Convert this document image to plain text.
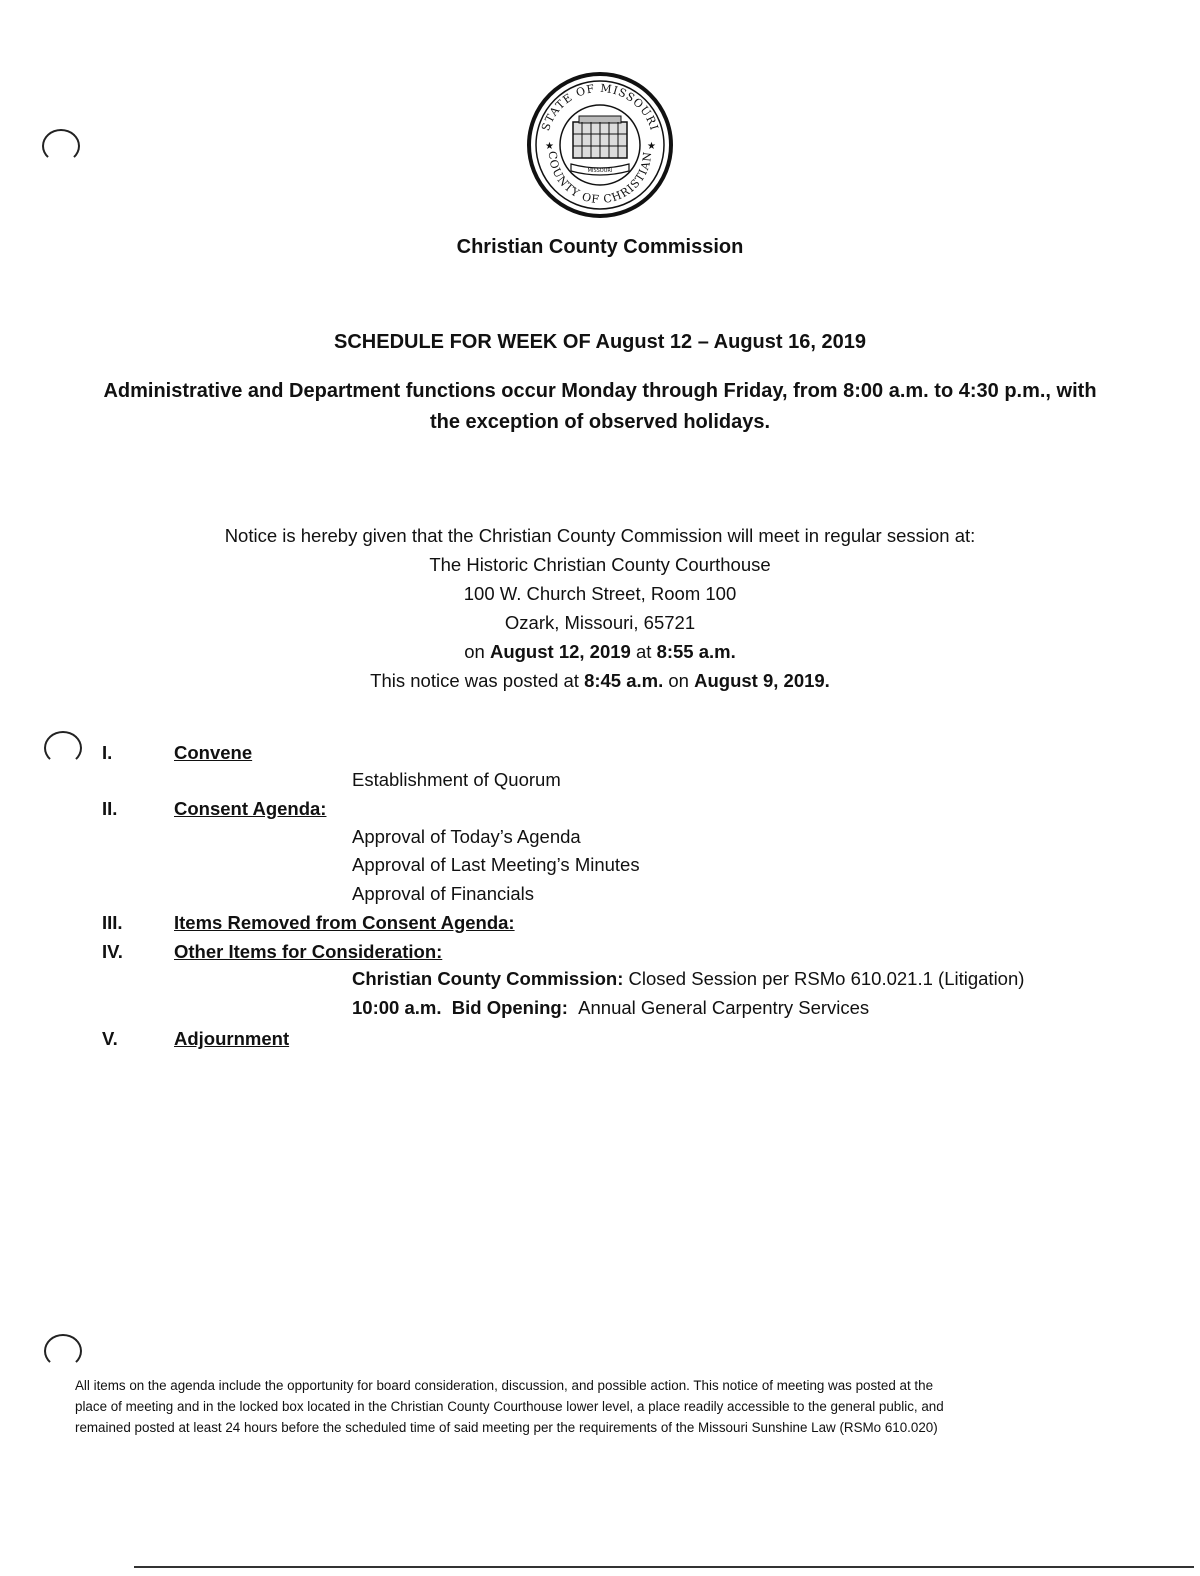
STATE OF MISSOURI
COUNTY OF CHRISTIAN
★	★
MISSOURI
Christian County Commission
SCHEDULE FOR WEEK OF August 12 – August 16, 2019
Administrative and Department functions occur Monday through Friday, from 8:00 a.m. to 4:30 p.m., with
the exception of observed holidays.
Notice is hereby given that the Christian County Commission will meet in regular session at:
The Historic Christian County Courthouse
100 W. Church Street, Room 100
Ozark, Missouri, 65721
on August 12, 2019 at 8:55 a.m.
This notice was posted at 8:45 a.m. on August 9, 2019.
I.	Convene
Establishment of Quorum
II.	Consent Agenda:
Approval of Today’s Agenda
Approval of Last Meeting’s Minutes
Approval of Financials
III.	Items Removed from Consent Agenda:
IV.	Other Items for Consideration:
Christian County Commission: Closed Session per RSMo 610.021.1 (Litigation)
10:00 a.m. Bid Opening: Annual General Carpentry Services
V.	Adjournment
All items on the agenda include the opportunity for board consideration, discussion, and possible action. This notice of meeting was posted at the
place of meeting and in the locked box located in the Christian County Courthouse lower level, a place readily accessible to the general public, and
remained posted at least 24 hours before the scheduled time of said meeting per the requirements of the Missouri Sunshine Law (RSMo 610.020)
